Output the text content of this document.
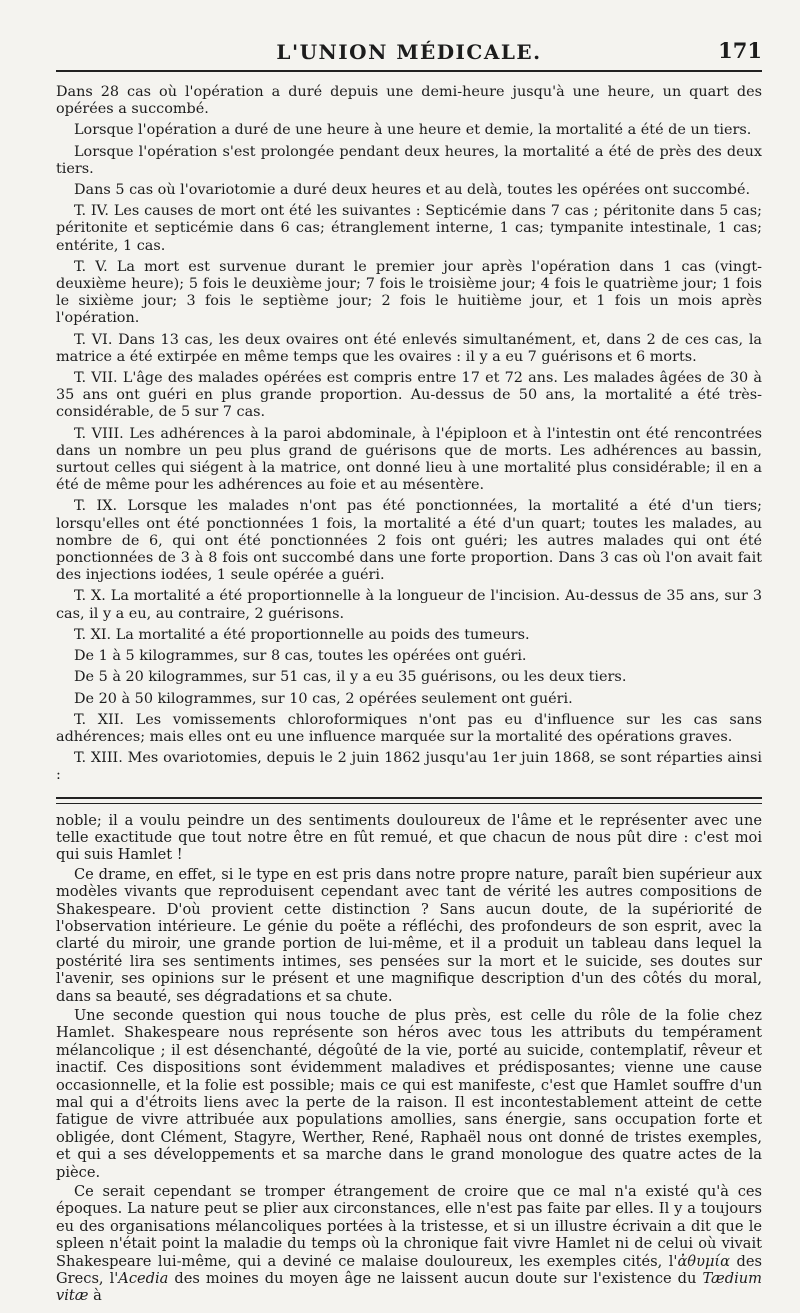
L'UNION MÉDICALE.	171

Dans 28 cas où l'opération a duré depuis une demi-heure jusqu'à une heure, un quart des opérées a succombé.

Lorsque l'opération a duré de une heure à une heure et demie, la mortalité a été de un tiers.

Lorsque l'opération s'est prolongée pendant deux heures, la mortalité a été de près des deux tiers.

Dans 5 cas où l'ovariotomie a duré deux heures et au delà, toutes les opérées ont succombé.

T. IV. Les causes de mort ont été les suivantes : Septicémie dans 7 cas ; péritonite dans 5 cas; péritonite et septicémie dans 6 cas; étranglement interne, 1 cas; tympanite intestinale, 1 cas; entérite, 1 cas.

T. V. La mort est survenue durant le premier jour après l'opération dans 1 cas (vingt-deuxième heure); 5 fois le deuxième jour; 7 fois le troisième jour; 4 fois le quatrième jour; 1 fois le sixième jour; 3 fois le septième jour; 2 fois le huitième jour, et 1 fois un mois après l'opération.

T. VI. Dans 13 cas, les deux ovaires ont été enlevés simultanément, et, dans 2 de ces cas, la matrice a été extirpée en même temps que les ovaires : il y a eu 7 guérisons et 6 morts.

T. VII. L'âge des malades opérées est compris entre 17 et 72 ans. Les malades âgées de 30 à 35 ans ont guéri en plus grande proportion. Au-dessus de 50 ans, la mortalité a été très-considérable, de 5 sur 7 cas.

T. VIII. Les adhérences à la paroi abdominale, à l'épiploon et à l'intestin ont été rencontrées dans un nombre un peu plus grand de guérisons que de morts. Les adhérences au bassin, surtout celles qui siégent à la matrice, ont donné lieu à une mortalité plus considérable; il en a été de même pour les adhérences au foie et au mésentère.

T. IX. Lorsque les malades n'ont pas été ponctionnées, la mortalité a été d'un tiers; lorsqu'elles ont été ponctionnées 1 fois, la mortalité a été d'un quart; toutes les malades, au nombre de 6, qui ont été ponctionnées 2 fois ont guéri; les autres malades qui ont été ponctionnées de 3 à 8 fois ont succombé dans une forte proportion. Dans 3 cas où l'on avait fait des injections iodées, 1 seule opérée a guéri.

T. X. La mortalité a été proportionnelle à la longueur de l'incision. Au-dessus de 35 ans, sur 3 cas, il y a eu, au contraire, 2 guérisons.

T. XI. La mortalité a été proportionnelle au poids des tumeurs.

De 1 à 5 kilogrammes, sur 8 cas, toutes les opérées ont guéri.

De 5 à 20 kilogrammes, sur 51 cas, il y a eu 35 guérisons, ou les deux tiers.

De 20 à 50 kilogrammes, sur 10 cas, 2 opérées seulement ont guéri.

T. XII. Les vomissements chloroformiques n'ont pas eu d'influence sur les cas sans adhérences; mais elles ont eu une influence marquée sur la mortalité des opérations graves.

T. XIII. Mes ovariotomies, depuis le 2 juin 1862 jusqu'au 1er juin 1868, se sont réparties ainsi :

noble; il a voulu peindre un des sentiments douloureux de l'âme et le représenter avec une telle exactitude que tout notre être en fût remué, et que chacun de nous pût dire : c'est moi qui suis Hamlet !

Ce drame, en effet, si le type en est pris dans notre propre nature, paraît bien supérieur aux modèles vivants que reproduisent cependant avec tant de vérité les autres compositions de Shakespeare. D'où provient cette distinction ? Sans aucun doute, de la supériorité de l'observation intérieure. Le génie du poëte a réfléchi, des profondeurs de son esprit, avec la clarté du miroir, une grande portion de lui-même, et il a produit un tableau dans lequel la postérité lira ses sentiments intimes, ses pensées sur la mort et le suicide, ses doutes sur l'avenir, ses opinions sur le présent et une magnifique description d'un des côtés du moral, dans sa beauté, ses dégradations et sa chute.

Une seconde question qui nous touche de plus près, est celle du rôle de la folie chez Hamlet. Shakespeare nous représente son héros avec tous les attributs du tempérament mélancolique ; il est désenchanté, dégoûté de la vie, porté au suicide, contemplatif, rêveur et inactif. Ces dispositions sont évidemment maladives et prédisposantes; vienne une cause occasionnelle, et la folie est possible; mais ce qui est manifeste, c'est que Hamlet souffre d'un mal qui a d'étroits liens avec la perte de la raison. Il est incontestablement atteint de cette fatigue de vivre attribuée aux populations amollies, sans énergie, sans occupation forte et obligée, dont Clément, Stagyre, Werther, René, Raphaël nous ont donné de tristes exemples, et qui a ses développements et sa marche dans le grand monologue des quatre actes de la pièce.

Ce serait cependant se tromper étrangement de croire que ce mal n'a existé qu'à ces époques. La nature peut se plier aux circonstances, elle n'est pas faite par elles. Il y a toujours eu des organisations mélancoliques portées à la tristesse, et si un illustre écrivain a dit que le spleen n'était point la maladie du temps où la chronique fait vivre Hamlet ni de celui où vivait Shakespeare lui-même, qui a deviné ce malaise douloureux, les exemples cités, l'ἀθυμία des Grecs, l'Acedia des moines du moyen âge ne laissent aucun doute sur l'existence du Tædium vitæ à
